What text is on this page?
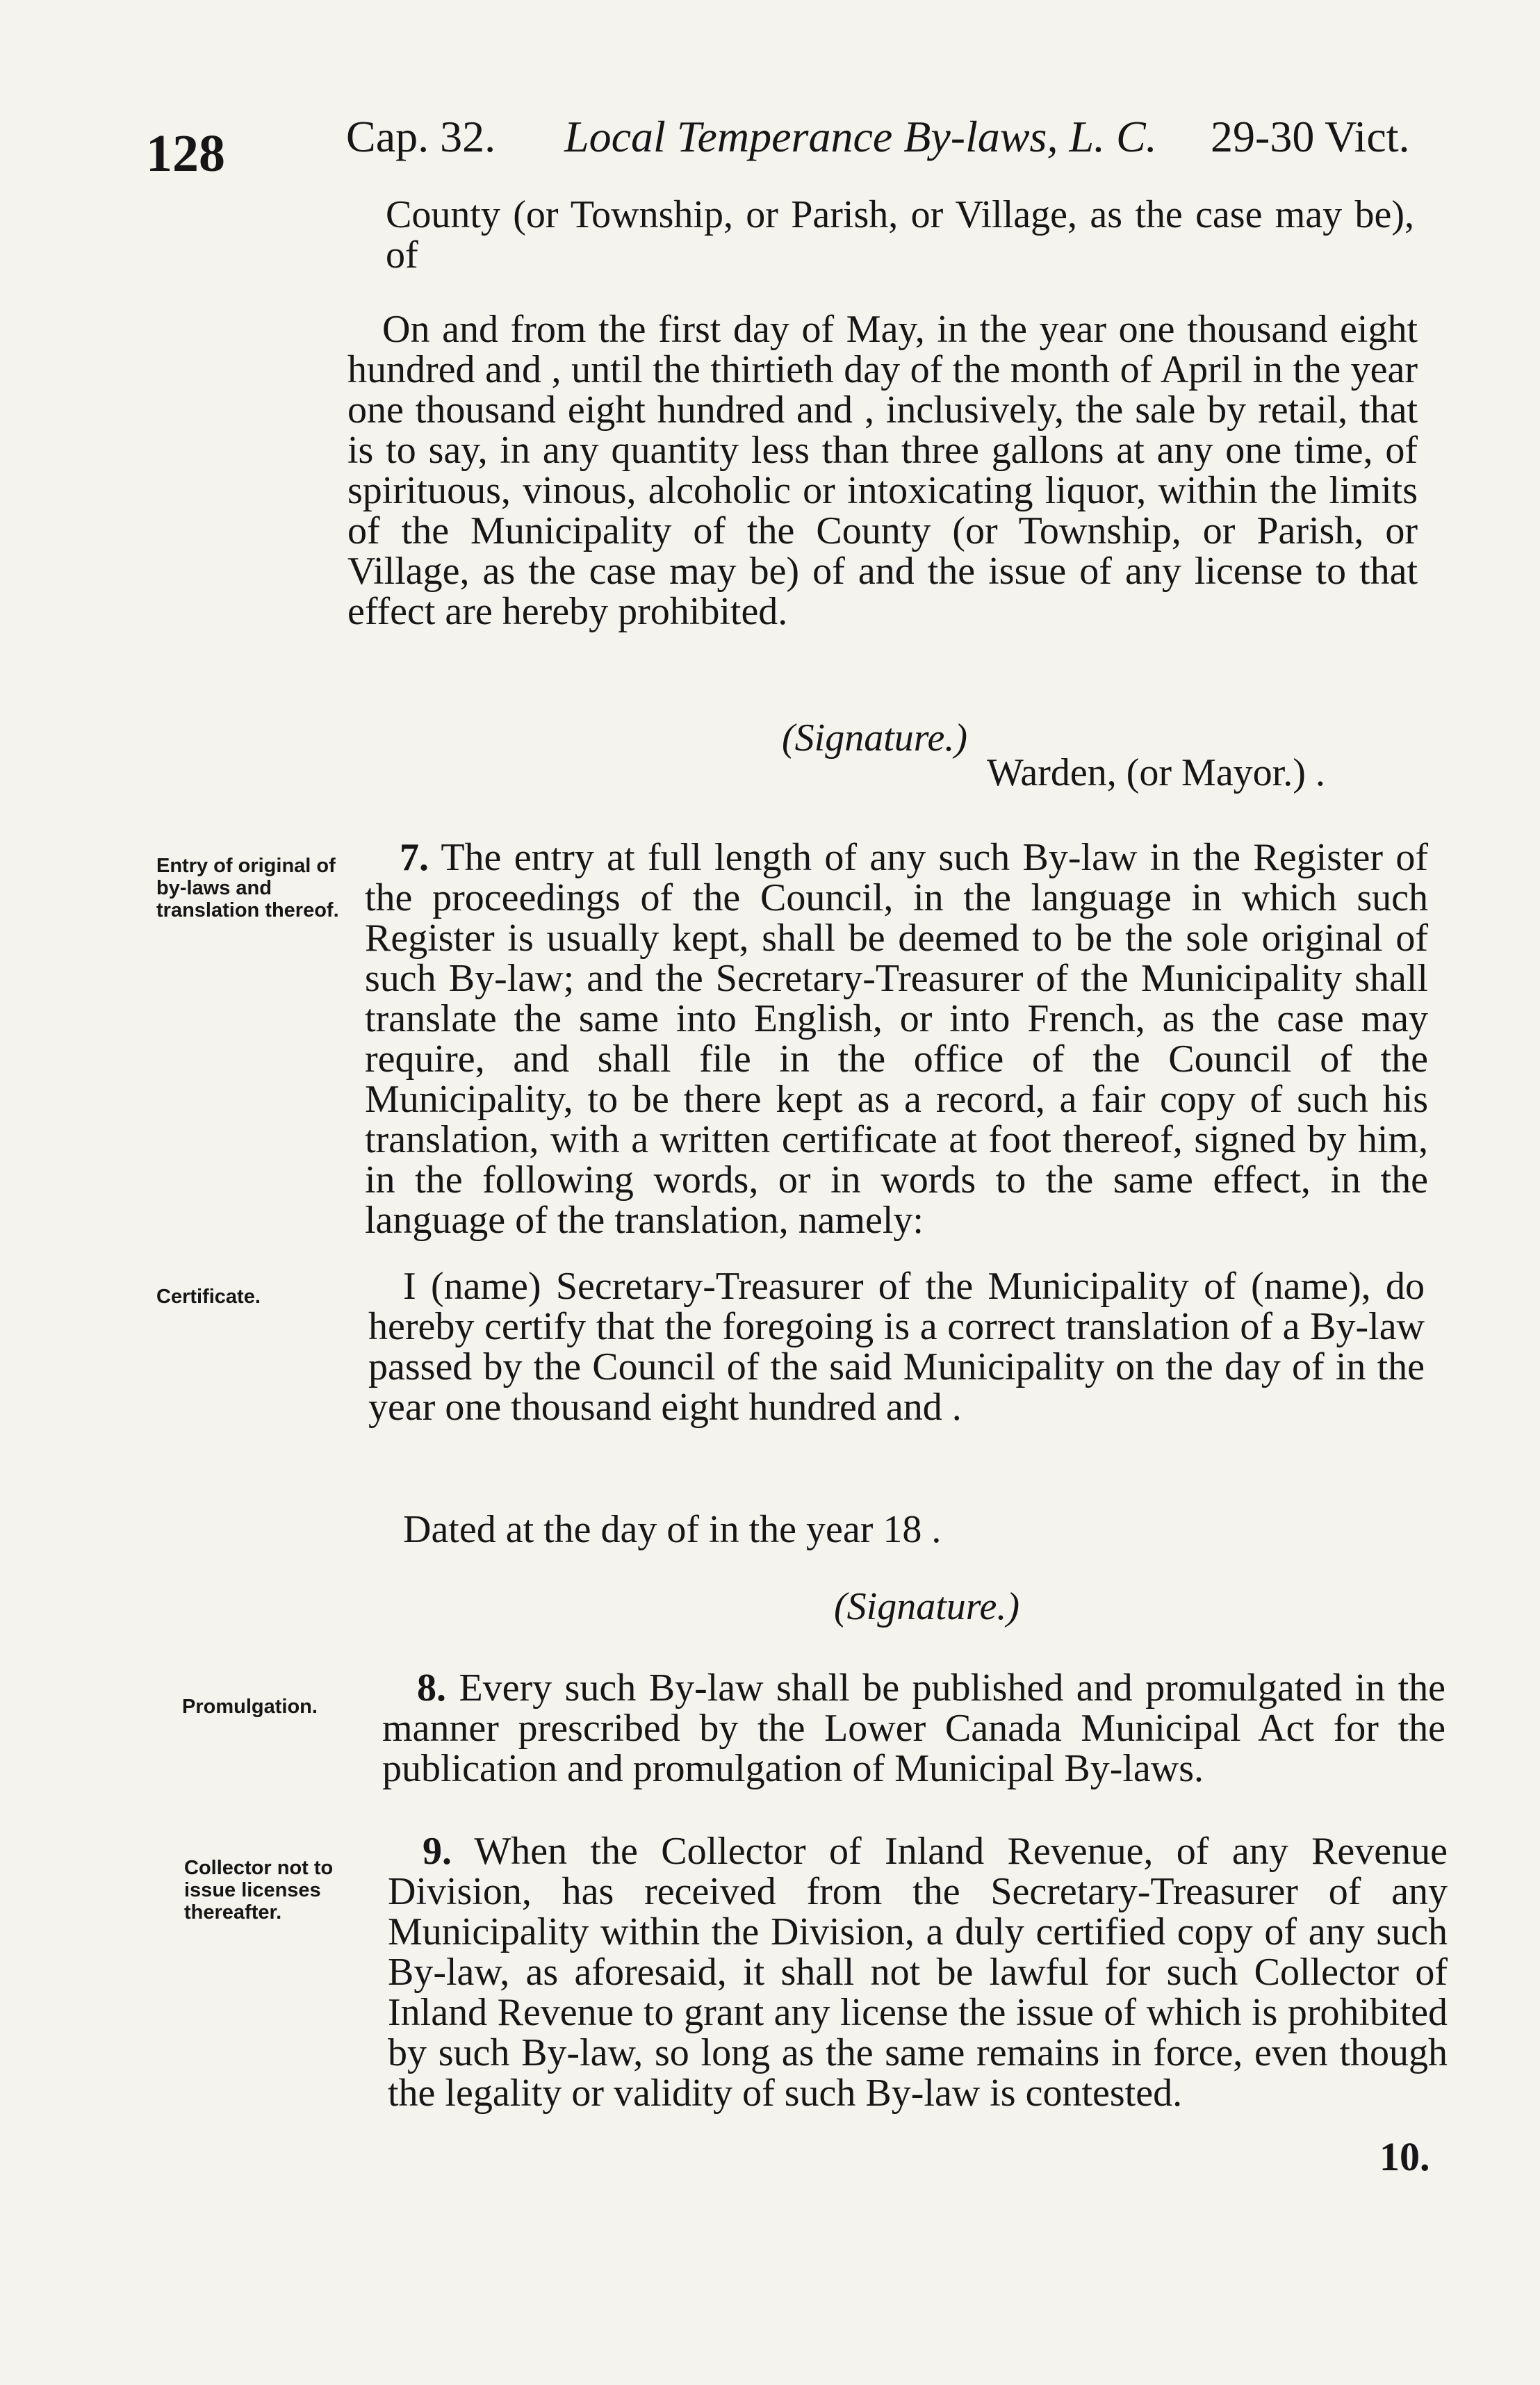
128	Cap. 32. Local Temperance By-laws, L. C. 29-30 Vict.

County (or Township, or Parish, or Village, as the case may be), of

On and from the first day of May, in the year one thousand eight hundred and , until the thirtieth day of the month of April in the year one thousand eight hundred and , inclusively, the sale by retail, that is to say, in any quantity less than three gallons at any one time, of spirituous, vinous, alcoholic or intoxicating liquor, within the limits of the Municipality of the County (or Township, or Parish, or Village, as the case may be) of and the issue of any license to that effect are hereby prohibited.

(Signature.)
Warden, (or Mayor.) .
Entry of original of by-laws and translation thereof.

7. The entry at full length of any such By-law in the Register of the proceedings of the Council, in the language in which such Register is usually kept, shall be deemed to be the sole original of such By-law; and the Secretary-Treasurer of the Municipality shall translate the same into English, or into French, as the case may require, and shall file in the office of the Council of the Municipality, to be there kept as a record, a fair copy of such his translation, with a written certificate at foot thereof, signed by him, in the following words, or in words to the same effect, in the language of the translation, namely:

Certificate.	I (name) Secretary-Treasurer of the Municipality of (name), do hereby certify that the foregoing is a correct translation of a By-law passed by the Council of the said Municipality on the day of in the year one thousand eight hundred and .

Dated at the day of in the year 18 .

(Signature.)
Promulgation.	8. Every such By-law shall be published and promulgated in the manner prescribed by the Lower Canada Municipal Act for the publication and promulgation of Municipal By-laws.

Collector not to issue licenses thereafter.

9. When the Collector of Inland Revenue, of any Revenue Division, has received from the Secretary-Treasurer of any Municipality within the Division, a duly certified copy of any such By-law, as aforesaid, it shall not be lawful for such Collector of Inland Revenue to grant any license the issue of which is prohibited by such By-law, so long as the same remains in force, even though the legality or validity of such By-law is contested.

10.
